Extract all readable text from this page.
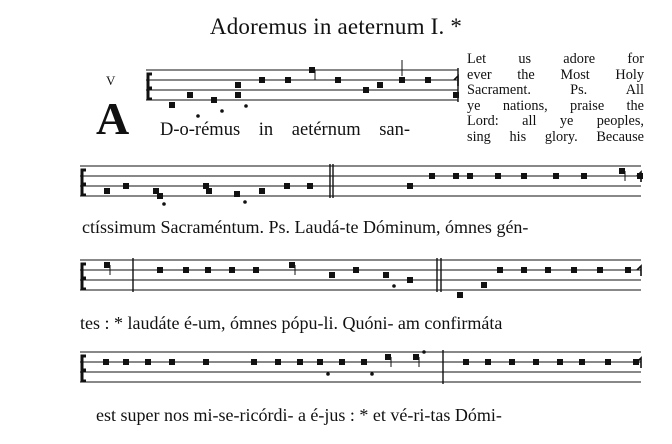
Adoremus in aeternum I. *
V
A
Let us adore for
ever the Most Holy
Sacrament. Ps. All
ye nations, praise the
Lord: all ye peoples,
sing his glory. Because
D-o-rémus in aetérnum san-
ctíssimum Sacraméntum. Ps. Laudá-te Dóminum, ómnes gén-
tes : * laudáte é-um, ómnes pópu-li. Quóni- am confirmáta
est super nos mi-se-ricórdi- a é-jus : * et vé-ri-tas Dómi-
